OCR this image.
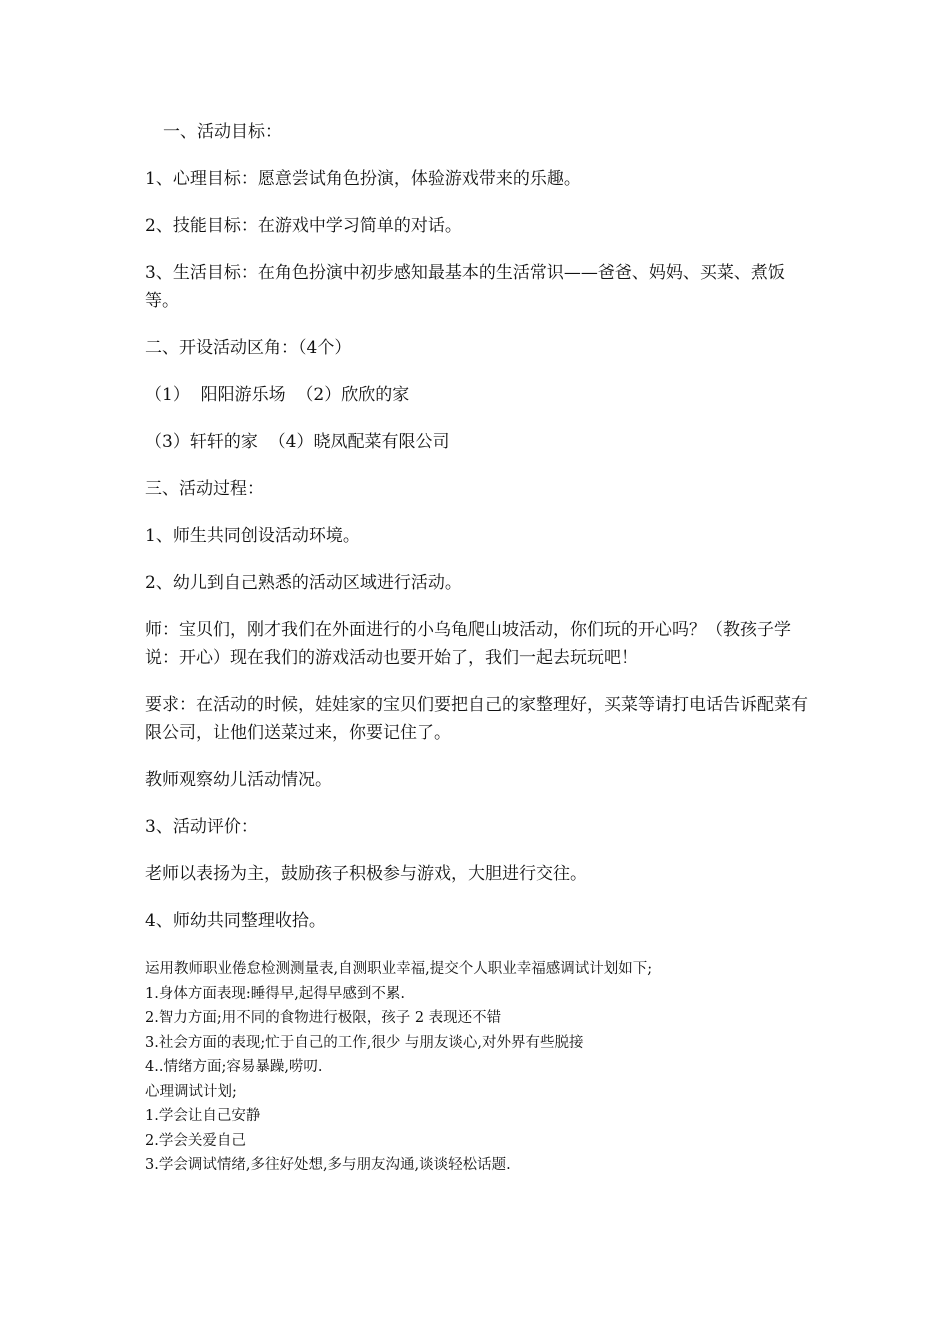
一、活动目标：

1、心理目标：愿意尝试角色扮演，体验游戏带来的乐趣。

2、技能目标：在游戏中学习简单的对话。

3、生活目标：在角色扮演中初步感知最基本的生活常识——爸爸、妈妈、买菜、煮饭等。

二、开设活动区角：（4个）

（1）  阳阳游乐场  （2）欣欣的家

（3）轩轩的家  （4）晓凤配菜有限公司

三、活动过程：

1、师生共同创设活动环境。

2、幼儿到自己熟悉的活动区域进行活动。

师：宝贝们，刚才我们在外面进行的小乌龟爬山坡活动，你们玩的开心吗？（教孩子学说：开心）现在我们的游戏活动也要开始了，我们一起去玩玩吧！

要求：在活动的时候，娃娃家的宝贝们要把自己的家整理好，买菜等请打电话告诉配菜有限公司，让他们送菜过来，你要记住了。

教师观察幼儿活动情况。

3、活动评价：

老师以表扬为主，鼓励孩子积极参与游戏，大胆进行交往。

4、师幼共同整理收拾。

运用教师职业倦怠检测测量表,自测职业幸福,提交个人职业幸福感调试计划如下;

1.身体方面表现:睡得早,起得早感到不累.

2.智力方面;用不同的食物进行极限，孩子 2 表现还不错

3.社会方面的表现;忙于自己的工作,很少 与朋友谈心,对外界有些脱接

4..情绪方面;容易暴躁,唠叨.

心理调试计划;

1.学会让自己安静

2.学会关爱自己

3.学会调试情绪,多往好处想,多与朋友沟通,谈谈轻松话题.
